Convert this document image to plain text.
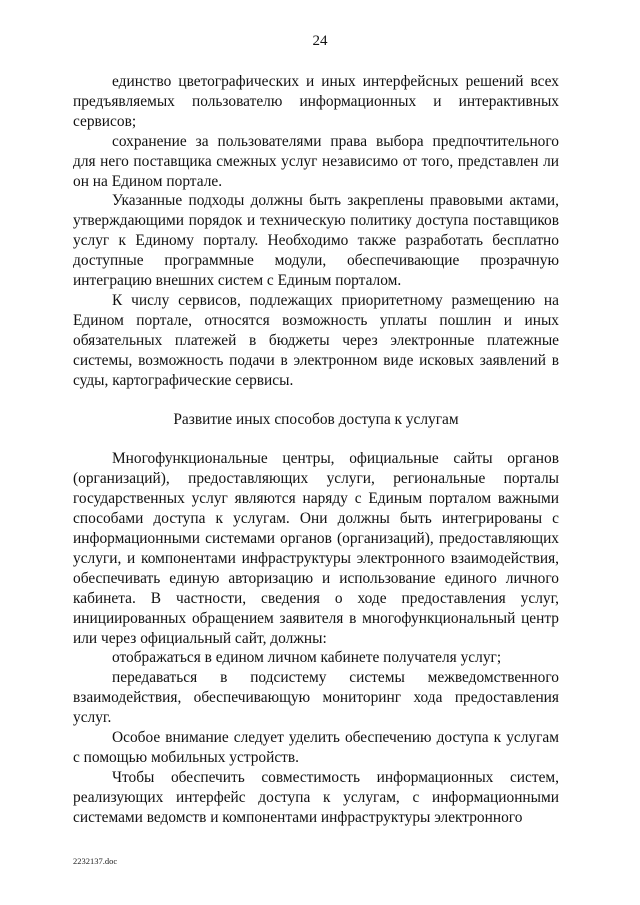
24

единство цветографических и иных интерфейсных решений всех предъявляемых пользователю информационных и интерактивных сервисов;

сохранение за пользователями права выбора предпочтительного для него поставщика смежных услуг независимо от того, представлен ли он на Едином портале.

Указанные подходы должны быть закреплены правовыми актами, утверждающими порядок и техническую политику доступа поставщиков услуг к Единому порталу. Необходимо также разработать бесплатно доступные программные модули, обеспечивающие прозрачную интеграцию внешних систем с Единым порталом.

К числу сервисов, подлежащих приоритетному размещению на Едином портале, относятся возможность уплаты пошлин и иных обязательных платежей в бюджеты через электронные платежные системы, возможность подачи в электронном виде исковых заявлений в суды, картографические сервисы.

Развитие иных способов доступа к услугам

Многофункциональные центры, официальные сайты органов (организаций), предоставляющих услуги, региональные порталы государственных услуг являются наряду с Единым порталом важными способами доступа к услугам. Они должны быть интегрированы с информационными системами органов (организаций), предоставляющих услуги, и компонентами инфраструктуры электронного взаимодействия, обеспечивать единую авторизацию и использование единого личного кабинета. В частности, сведения о ходе предоставления услуг, инициированных обращением заявителя в многофункциональный центр или через официальный сайт, должны:

отображаться в едином личном кабинете получателя услуг;

передаваться в подсистему системы межведомственного взаимодействия, обеспечивающую мониторинг хода предоставления услуг.

Особое внимание следует уделить обеспечению доступа к услугам с помощью мобильных устройств.

Чтобы обеспечить совместимость информационных систем, реализующих интерфейс доступа к услугам, с информационными системами ведомств и компонентами инфраструктуры электронного

2232137.doc
